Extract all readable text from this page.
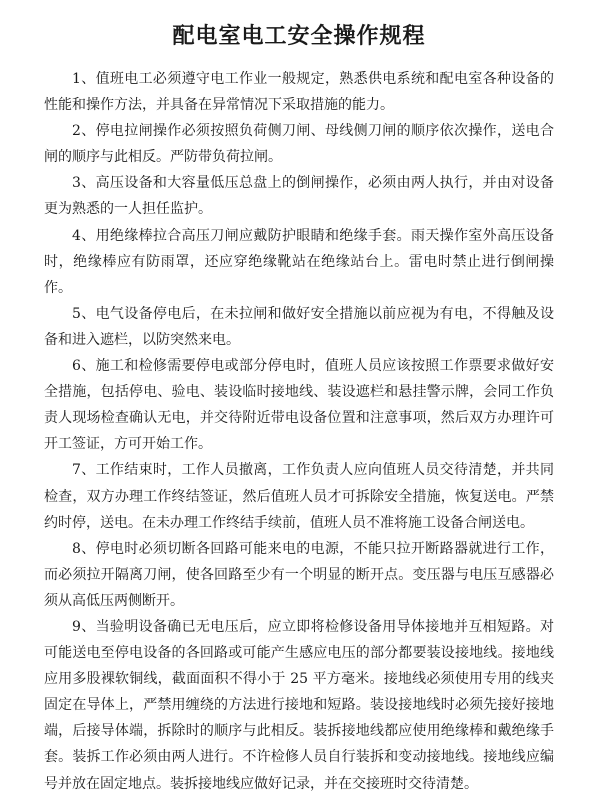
配电室电工安全操作规程

1、值班电工必须遵守电工作业一般规定，熟悉供电系统和配电室各种设备的性能和操作方法，并具备在异常情况下采取措施的能力。

2、停电拉闸操作必须按照负荷侧刀闸、母线侧刀闸的顺序依次操作，送电合闸的顺序与此相反。严防带负荷拉闸。

3、高压设备和大容量低压总盘上的倒闸操作，必须由两人执行，并由对设备更为熟悉的一人担任监护。

4、用绝缘棒拉合高压刀闸应戴防护眼睛和绝缘手套。雨天操作室外高压设备时，绝缘棒应有防雨罩，还应穿绝缘靴站在绝缘站台上。雷电时禁止进行倒闸操作。

5、电气设备停电后，在未拉闸和做好安全措施以前应视为有电，不得触及设备和进入遮栏，以防突然来电。

6、施工和检修需要停电或部分停电时，值班人员应该按照工作票要求做好安全措施，包括停电、验电、装设临时接地线、装设遮栏和悬挂警示牌，会同工作负责人现场检查确认无电，并交待附近带电设备位置和注意事项，然后双方办理许可开工签证，方可开始工作。

7、工作结束时，工作人员撤离，工作负责人应向值班人员交待清楚，并共同检查，双方办理工作终结签证，然后值班人员才可拆除安全措施，恢复送电。严禁约时停，送电。在未办理工作终结手续前，值班人员不准将施工设备合闸送电。

8、停电时必须切断各回路可能来电的电源，不能只拉开断路器就进行工作，而必须拉开隔离刀闸，使各回路至少有一个明显的断开点。变压器与电压互感器必须从高低压两侧断开。

9、当验明设备确已无电压后，应立即将检修设备用导体接地并互相短路。对可能送电至停电设备的各回路或可能产生感应电压的部分都要装设接地线。接地线应用多股裸软铜线，截面面积不得小于 25 平方毫米。接地线必须使用专用的线夹固定在导体上，严禁用缠绕的方法进行接地和短路。装设接地线时必须先接好接地端，后接导体端，拆除时的顺序与此相反。装拆接地线都应使用绝缘棒和戴绝缘手套。装拆工作必须由两人进行。不许检修人员自行装拆和变动接地线。接地线应编号并放在固定地点。装拆接地线应做好记录，并在交接班时交待清楚。
